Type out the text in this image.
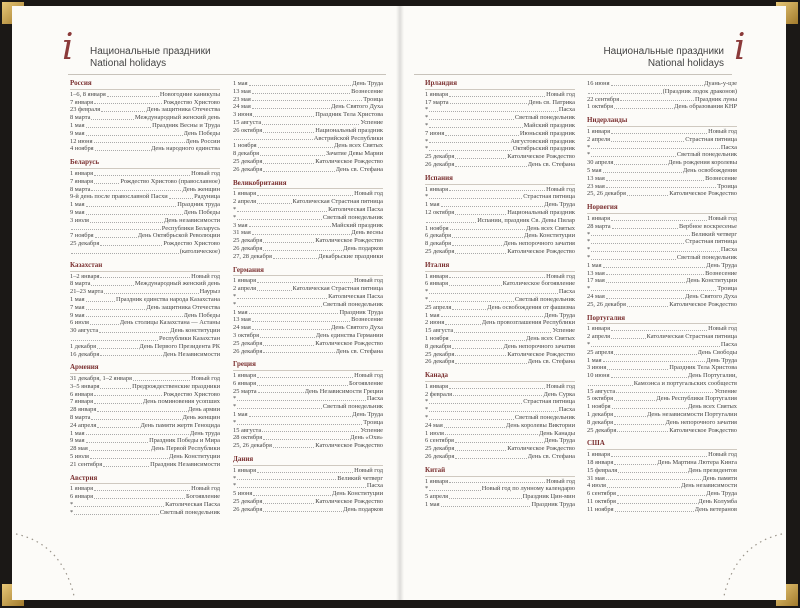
i Национальные праздники
National holidays
Национальные праздники
National holidays i
Россия
1–6, 8 января	Новогодние каникулы
7 января	Рождество Христово
23 февраля	День защитника Отечества
8 марта	Международный женский день
1 мая	Праздник Весны и Труда
9 мая	День Победы
12 июня	День России
4 ноября	День народного единства
Беларусь
1 января	Новый год
7 января	Рождество Христово (православное)
8 марта	День женщин
9-й день после православной Пасхи	Радуница
1 мая	Праздник труда
9 мая	День Победы
3 июля	День независимости
Республики Беларусь
7 ноября	День Октябрьской Революции
25 декабря	Рождество Христово
(католическое)
Казахстан
1–2 января	Новый год
8 марта	Международный женский день
21–23 марта	Наурыз
1 мая	Праздник единства народа Казахстана
7 мая	День защитника Отечества
9 мая	День Победы
6 июля	День столицы Казахстана — Астаны
30 августа	День конституции
Республики Казахстан
1 декабря	День Первого Президента РК
16 декабря	День Независимости
Армения
31 декабря, 1–2 января	Новый год
3–5 января	Предрождественские праздники
6 января	Рождество Христово
7 января	День поминовения усопших
28 января	День армии
8 марта	День женщин
24 апреля	День памяти жертв Геноцида
1 мая	День труда
9 мая	Праздник Победы и Мира
28 мая	День Первой Республики
5 июля	День Конституции
21 сентября	Праздник Независимости
Австрия
1 января	Новый год
6 января	Богоявление
*	Католическая Пасха
*	Светлый понедельник
1 мая	День Труда
13 мая	Вознесение
23 мая	Троица
24 мая	День Святого Духа
3 июня	Праздник Тела Христова
15 августа	Успение
26 октября	Национальный праздник
Австрийской Республики
1 ноября	День всех Святых
8 декабря	Зачатие Девы Марии
25 декабря	Католическое Рождество
26 декабря	День св. Стефана
Великобритания
1 января	Новый год
2 апреля	Католическая Страстная пятница
*	Католическая Пасха
*	Светлый понедельник
3 мая	Майский праздник
31 мая	День весны
25 декабря	Католическое Рождество
26 декабря	День подарков
27, 28 декабря	Декабрьские праздники
Германия
1 января	Новый год
2 апреля	Католическая Страстная пятница
*	Католическая Пасха
*	Светлый понедельник
1 мая	Праздник Труда
13 мая	Вознесение
24 мая	День Святого Духа
3 октября	День единства Германии
25 декабря	Католическое Рождество
26 декабря	День св. Стефана
Греция
1 января	Новый год
6 января	Богоявление
25 марта	День Независимости Греции
*	Пасха
*	Светлый понедельник
1 мая	День Труда
*	Троица
15 августа	Успение
28 октября	День «Охи»
25, 26 декабря	Католическое Рождество
Дания
1 января	Новый год
*	Великий четверг
*	Пасха
5 июня	День Конституции
25 декабря	Католическое Рождество
26 декабря	День подарков
Ирландия
1 января	Новый год
17 марта	День св. Патрика
*	Пасха
*	Светлый понедельник
*	Майский праздник
7 июня	Июньский праздник
*	Августовский праздник
*	Октябрьский праздник
25 декабря	Католическое Рождество
26 декабря	День св. Стефана
Испания
1 января	Новый год
*	Страстная пятница
1 мая	День Труда
12 октября	Национальный праздник
Испании, праздник Св. Девы Пилар
1 ноября	День всех Святых
6 декабря	День Конституции
8 декабря	День непорочного зачатия
25 декабря	Католическое Рождество
Италия
1 января	Новый год
6 января	Католическое богоявление
*	Пасха
*	Светлый понедельник
25 апреля	День освобождения от фашизма
1 мая	День Труда
2 июня	День провозглашения Республики
15 августа	Успение
1 ноября	День всех Святых
8 декабря	День непорочного зачатия
25 декабря	Католическое Рождество
26 декабря	День св. Стефана
Канада
1 января	Новый год
2 февраля	День Сурка
*	Страстная пятница
*	Пасха
*	Светлый понедельник
24 мая	День королевы Виктории
1 июля	День Канады
6 сентября	День Труда
25 декабря	Католическое Рождество
26 декабря	День св. Стефана
Китай
1 января	Новый год
*	Новый год по лунному календарю
5 апреля	Праздник Цин-мин
1 мая	Праздник Труда
16 июня	Дуань-у-цзе
(Праздник лодок драконов)
22 сентября	Праздник луны
1 октября	День образования КНР
Нидерланды
1 января	Новый год
2 апреля	Страстная пятница
*	Пасха
*	Светлый понедельник
30 апреля	День рождения королевы
5 мая	День освобождения
13 мая	Вознесение
23 мая	Троица
25, 26 декабря	Католическое Рождество
Норвегия
1 января	Новый год
28 марта	Вербное воскресенье
*	Великий четверг
*	Страстная пятница
*	Пасха
*	Светлый понедельник
1 мая	День Труда
13 мая	Вознесение
17 мая	День Конституции
*	Троица
24 мая	День Святого Духа
25, 26 декабря	Католическое Рождество
Португалия
1 января	Новый год
2 апреля	Католическая Страстная пятница
*	Пасха
25 апреля	День Свободы
1 мая	День Труда
3 июня	Праздник Тела Христова
10 июня	День Португалии,
Камоэнса и португальских сообществ
15 августа	Успение
5 октября	День Республики Португалия
1 ноября	День всех Святых
1 декабря	День независимости Португалии
8 декабря	День непорочного зачатия
25 декабря	Католическое Рождество
США
1 января	Новый год
18 января	День Мартина Лютера Кинга
15 февраля	День президентов
31 мая	День памяти
4 июля	День независимости
6 сентября	День Труда
11 октября	День Колумба
11 ноября	День ветеранов
